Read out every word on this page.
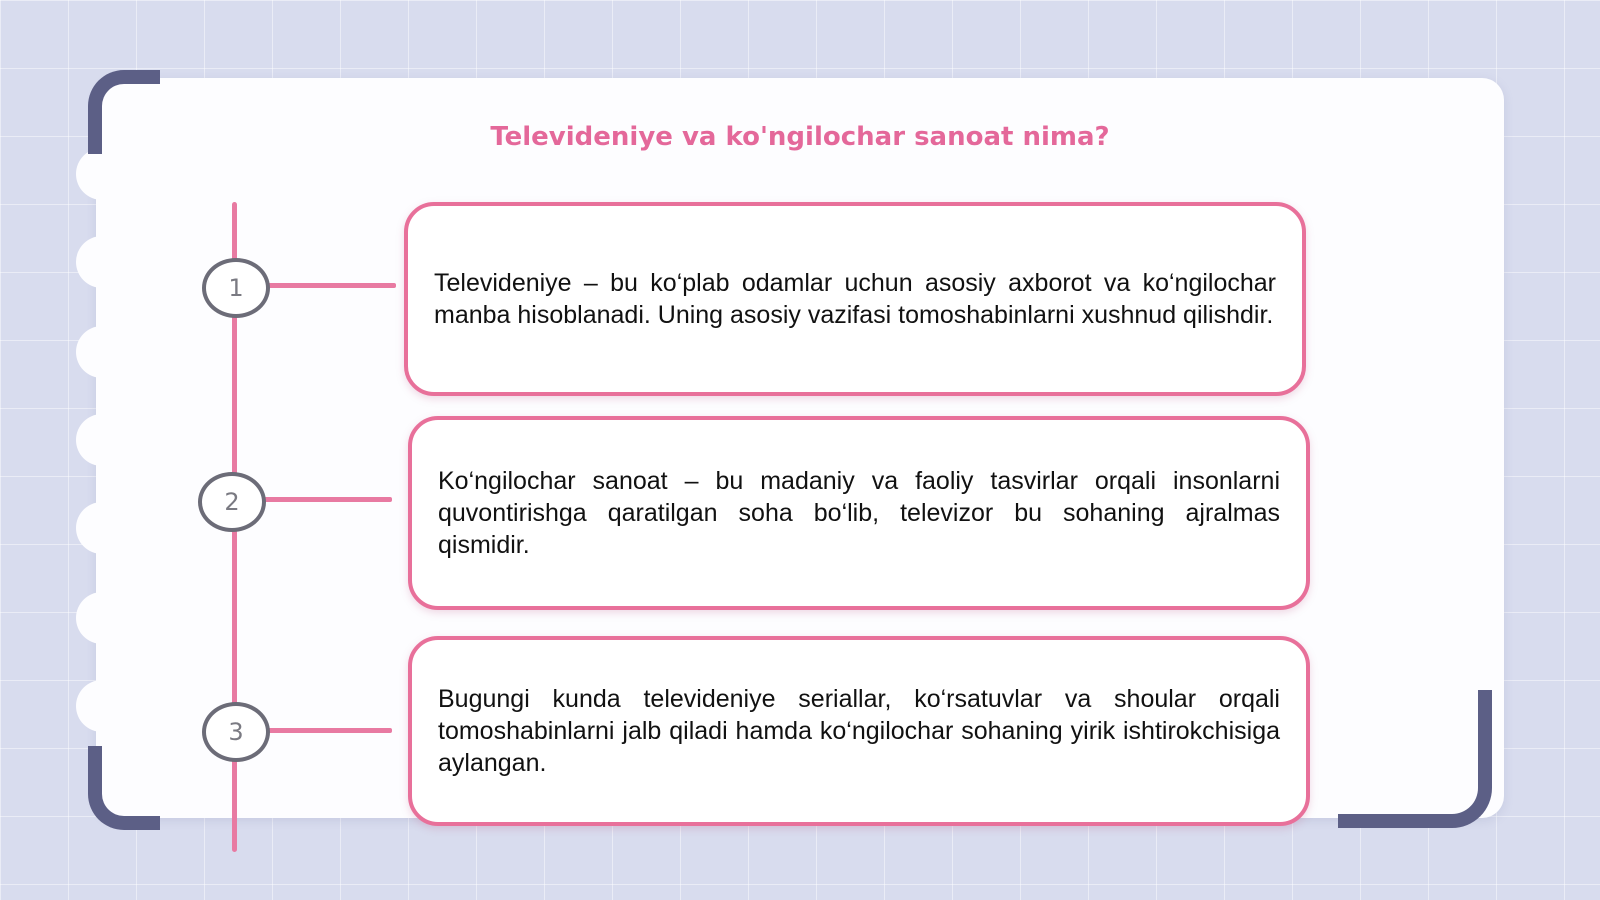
Televideniye va ko'ngilochar sanoat nima?
1
2
3

Televideniye – bu ko‘plab odamlar uchun asosiy axborot va ko‘ngilochar manba hisoblanadi. Uning asosiy vazifasi tomoshabinlarni xushnud qilishdir.

Ko‘ngilochar sanoat – bu madaniy va faoliy tasvirlar orqali insonlarni quvontirishga qaratilgan soha bo‘lib, televizor bu sohaning ajralmas qismidir.

Bugungi kunda televideniye seriallar, ko‘rsatuvlar va shoular orqali tomoshabinlarni jalb qiladi hamda ko‘ngilochar sohaning yirik ishtirokchisiga aylangan.
